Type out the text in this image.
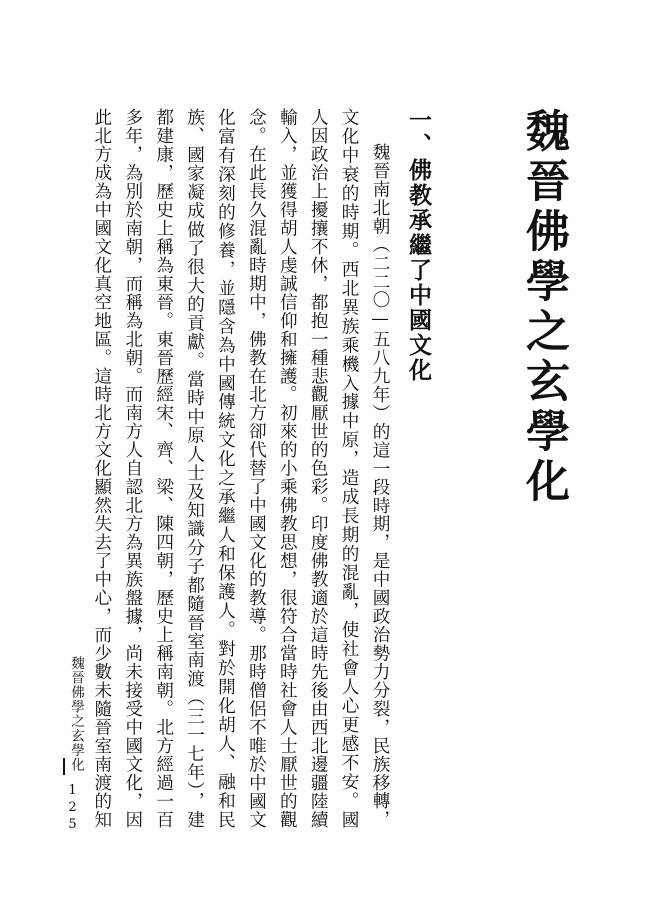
魏晉佛學之玄學化
一、佛教承繼了中國文化
魏晉南北朝（二二〇—五八九年）的這一段時期，是中國政治勢力分裂，民族移轉，
文化中衰的時期。西北異族乘機入據中原，造成長期的混亂，使社會人心更感不安。國
人因政治上擾攘不休，都抱一種悲觀厭世的色彩。印度佛教適於這時先後由西北邊疆陸續
輸入，並獲得胡人虔誠信仰和擁護。初來的小乘佛教思想，很符合當時社會人士厭世的觀
念。在此長久混亂時期中，佛教在北方卻代替了中國文化的教導。那時僧侶不唯於中國文
化富有深刻的修養，並隱含為中國傳統文化之承繼人和保護人。對於開化胡人、融和民
族、國家凝成做了很大的貢獻。當時中原人士及知識分子都隨晉室南渡（三一七年），建
都建康，歷史上稱為東晉。東晉歷經宋、齊、梁、陳四朝，歷史上稱南朝。北方經過一百
多年，為別於南朝，而稱為北朝。而南方人自認北方為異族盤據，尚未接受中國文化，因
此北方成為中國文化真空地區。這時北方文化顯然失去了中心，而少數未隨晉室南渡的知
魏晉佛學之玄學化
125
